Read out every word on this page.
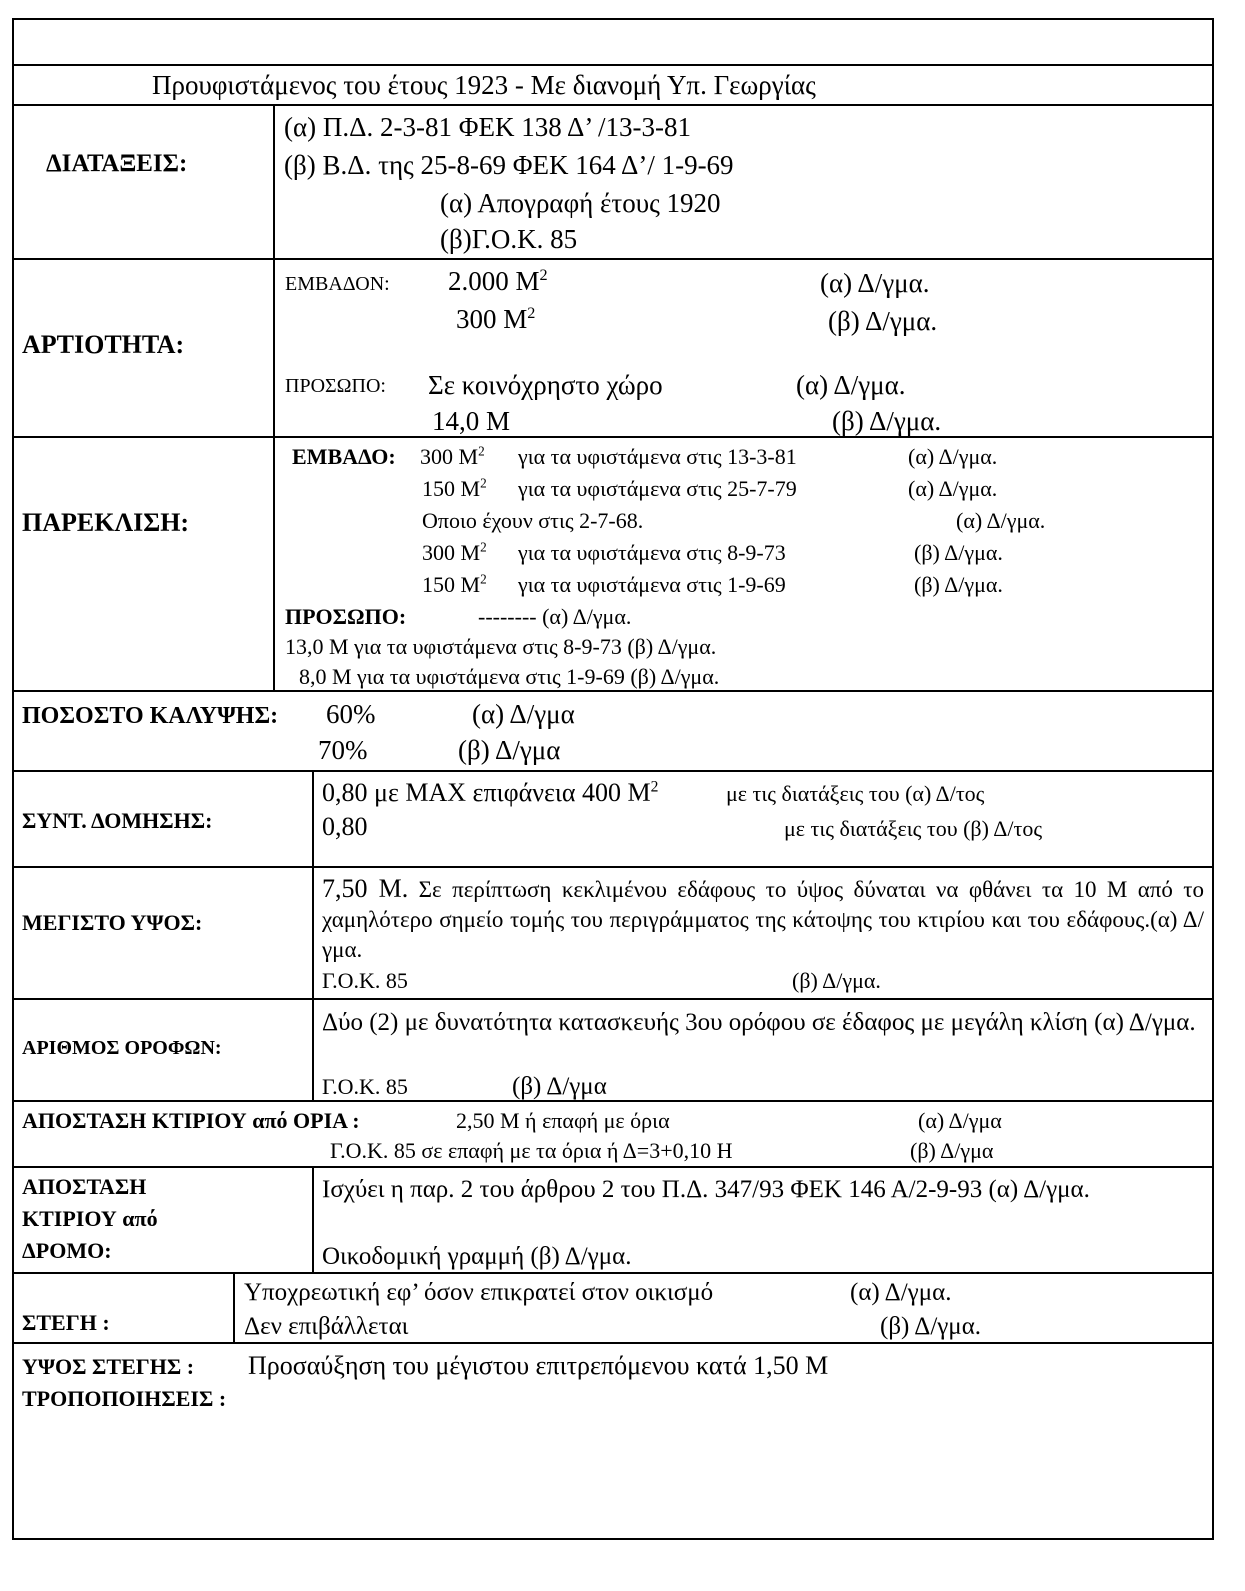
Προυφιστάμενος του έτους 1923 - Με διανομή Υπ. Γεωργίας
ΔΙΑΤΑΞΕΙΣ:
(α) Π.Δ. 2-3-81 ΦΕΚ 138 Δ’ /13-3-81
(β) Β.Δ. της 25-8-69 ΦΕΚ 164 Δ’/ 1-9-69
(α) Απογραφή έτους 1920
(β)Γ.Ο.Κ. 85
ΑΡΤΙΟΤΗΤΑ:
ΕΜΒΑΔΟΝ: 2.000 $M^2$	(α) Δ/γμα.
300 $M^2$	(β) Δ/γμα.
ΠΡΟΣΩΠΟ: Σε κοινόχρηστο χώρο	(α) Δ/γμα.
14,0 Μ	(β) Δ/γμα.
ΠΑΡΕΚΛΙΣΗ:
ΕΜΒΑΔΟ: 300 $M^2$ για τα υφιστάμενα στις 13-3-81	(α) Δ/γμα.
150 $M^2$ για τα υφιστάμενα στις 25-7-79	(α) Δ/γμα.
Οποιο έχουν στις 2-7-68.	(α) Δ/γμα.
300 $M^2$ για τα υφιστάμενα στις 8-9-73	(β) Δ/γμα.
150 $M^2$ για τα υφιστάμενα στις 1-9-69	(β) Δ/γμα.
ΠΡΟΣΩΠΟ:	-------- (α) Δ/γμα.
13,0 Μ για τα υφιστάμενα στις 8-9-73 (β) Δ/γμα.
8,0 Μ για τα υφιστάμενα στις 1-9-69 (β) Δ/γμα.
ΠΟΣΟΣΤΟ ΚΑΛΥΨΗΣ: 60%	(α) Δ/γμα
70%	(β) Δ/γμα
ΣΥΝΤ. ΔΟΜΗΣΗΣ:
0,80 με ΜΑΧ επιφάνεια 400 $M^2$	με τις διατάξεις του (α) Δ/τος
0,80	με τις διατάξεις του (β) Δ/τος
ΜΕΓΙΣΤΟ ΥΨΟΣ:
7,50 Μ. Σε περίπτωση κεκλιμένου εδάφους το ύψος δύναται να φθάνει τα 10 Μ από το χαμηλότερο σημείο τομής του περιγράμματος της κάτοψης του κτιρίου και του εδάφους.(α) Δ/γμα.
Γ.Ο.Κ. 85	(β) Δ/γμα.
ΑΡΙΘΜΟΣ ΟΡΟΦΩΝ:
Δύο (2) με δυνατότητα κατασκευής 3ου ορόφου σε έδαφος με μεγάλη κλίση (α) Δ/γμα.
Γ.Ο.Κ. 85	(β) Δ/γμα
ΑΠΟΣΤΑΣΗ ΚΤΙΡΙΟΥ από ΟΡΙΑ :	2,50 Μ ή επαφή με όρια	(α) Δ/γμα
Γ.Ο.Κ. 85 σε επαφή με τα όρια ή Δ=3+0,10 Η	(β) Δ/γμα
ΑΠΟΣΤΑΣΗ
ΚΤΙΡΙΟΥ από
ΔΡΟΜΟ:
Ισχύει η παρ. 2 του άρθρου 2 του Π.Δ. 347/93 ΦΕΚ 146 Α/2-9-93 (α) Δ/γμα.
Οικοδομική γραμμή (β) Δ/γμα.
ΣΤΕΓΗ :
Υποχρεωτική εφ’ όσον επικρατεί στον οικισμό	(α) Δ/γμα.
Δεν επιβάλλεται	(β) Δ/γμα.
ΥΨΟΣ ΣΤΕΓΗΣ : Προσαύξηση του μέγιστου επιτρεπόμενου κατά 1,50 Μ
ΤΡΟΠΟΠΟΙΗΣΕΙΣ :
